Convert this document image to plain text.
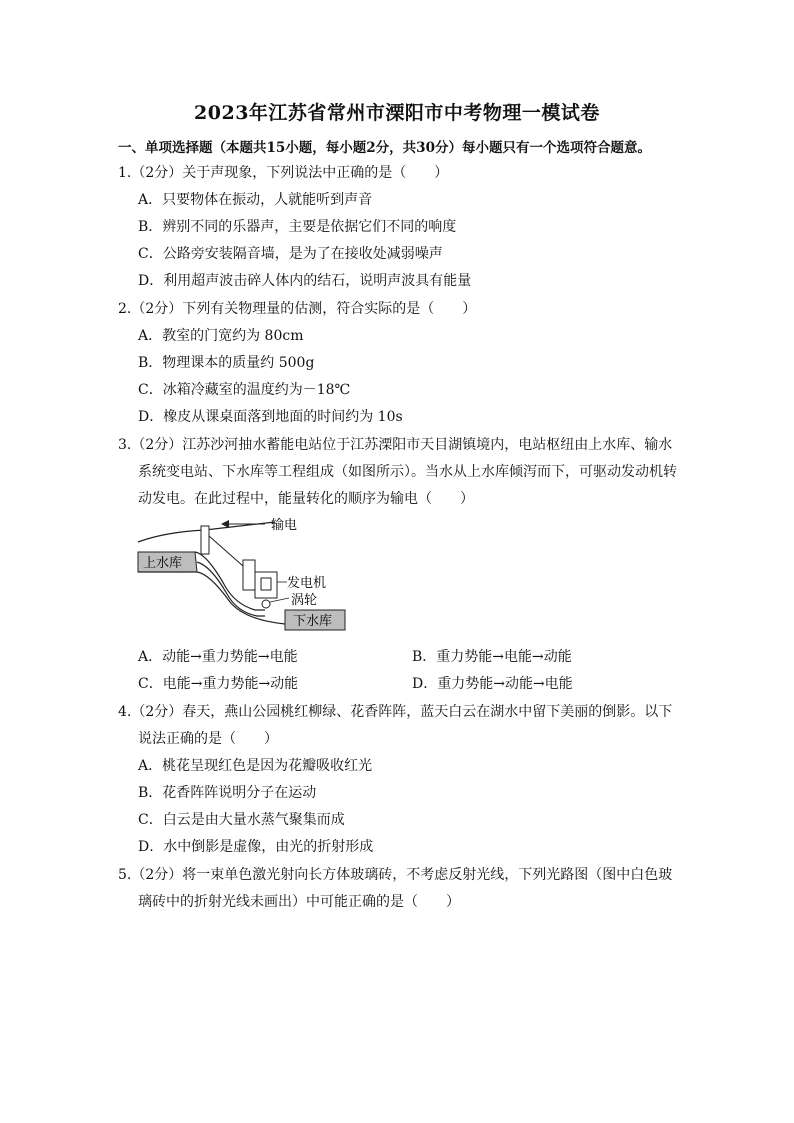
2023年江苏省常州市溧阳市中考物理一模试卷
一、单项选择题（本题共15小题，每小题2分，共30分）每小题只有一个选项符合题意。
1.（2分）关于声现象，下列说法中正确的是（　　）
A．只要物体在振动，人就能听到声音
B．辨别不同的乐器声，主要是依据它们不同的响度
C．公路旁安装隔音墙，是为了在接收处减弱噪声
D．利用超声波击碎人体内的结石，说明声波具有能量
2.（2分）下列有关物理量的估测，符合实际的是（　　）
A．教室的门宽约为 80cm
B．物理课本的质量约 500g
C．冰箱冷藏室的温度约为－18℃
D．橡皮从课桌面落到地面的时间约为 10s
3.（2分）江苏沙河抽水蓄能电站位于江苏溧阳市天目湖镇境内，电站枢纽由上水库、输水
系统变电站、下水库等工程组成（如图所示）。当水从上水库倾泻而下，可驱动发动机转
动发电。在此过程中，能量转化的顺序为输电（　　）
输电
上水库
发电机
涡轮
下水库
A．动能→重力势能→电能	B．重力势能→电能→动能
C．电能→重力势能→动能	D．重力势能→动能→电能
4.（2分）春天，燕山公园桃红柳绿、花香阵阵，蓝天白云在湖水中留下美丽的倒影。以下
说法正确的是（　　）
A．桃花呈现红色是因为花瓣吸收红光
B．花香阵阵说明分子在运动
C．白云是由大量水蒸气聚集而成
D．水中倒影是虚像，由光的折射形成
5.（2分）将一束单色激光射向长方体玻璃砖，不考虑反射光线，下列光路图（图中白色玻
璃砖中的折射光线未画出）中可能正确的是（　　）
